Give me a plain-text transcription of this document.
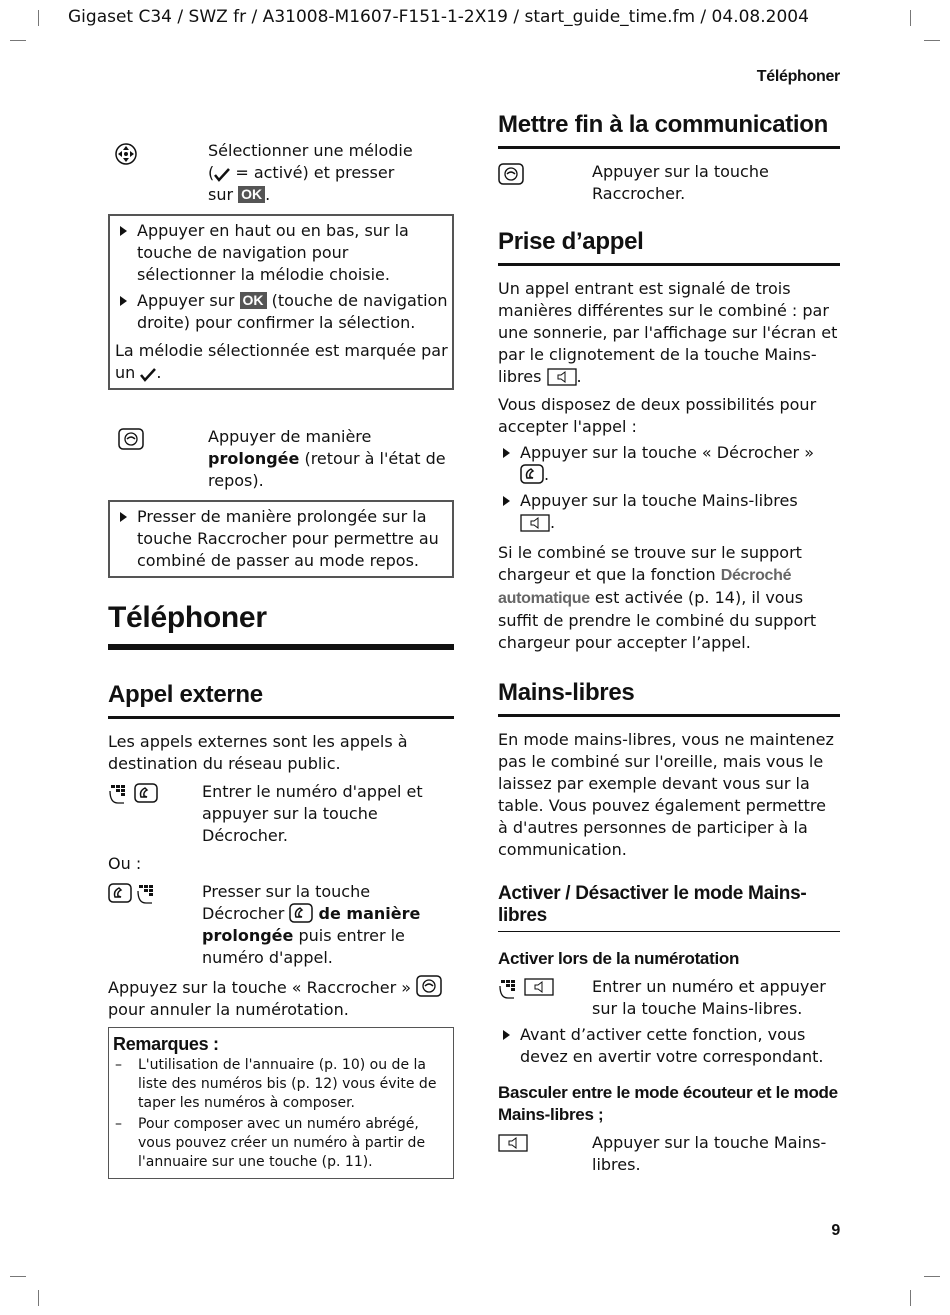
Gigaset C34 / SWZ fr / A31008-M1607-F151-1-2X19 / start_guide_time.fm / 04.08.2004
Téléphoner
9

Sélectionner une mélodie

( = activé) et presser

sur OK .

Appuyer en haut ou en bas, sur la touche de navigation pour sélectionner la mélodie choisie.
Appuyer sur OK (touche de navigation droite) pour confirmer la sélection.

La mélodie sélectionnée est marquée par un .

Appuyer de manière prolongée (retour à l'état de repos).
Presser de manière prolongée sur la touche Raccrocher pour permettre au combiné de passer au mode repos.
Téléphoner
Appel externe

Les appels externes sont les appels à destination du réseau public.

Entrer le numéro d'appel et appuyer sur la touche Décrocher.

Ou :

Presser sur la touche Décrocher  de manière prolongée puis entrer le numéro d'appel.

Appuyez sur la touche « Raccrocher »
pour annuler la numérotation.

Remarques :
–	L'utilisation de l'annuaire (p. 10) ou de la liste des numéros bis (p. 12) vous évite de taper les numéros à composer.
–	Pour composer avec un numéro abrégé, vous pouvez créer un numéro à partir de l'annuaire sur une touche (p. 11).
Mettre fin à la communication
Appuyer sur la touche Raccrocher.
Prise d’appel

Un appel entrant est signalé de trois manières différentes sur le combiné : par une sonnerie, par l'affichage sur l'écran et par le clignotement de la touche Mains-libres .

Vous disposez de deux possibilités pour accepter l'appel :

Appuyer sur la touche « Décrocher »
.
Appuyer sur la touche Mains-libres
.

Si le combiné se trouve sur le support chargeur et que la fonction Décroché automatique est activée (p. 14), il vous suffit de prendre le combiné du support chargeur pour accepter l’appel.

Mains-libres

En mode mains-libres, vous ne maintenez pas le combiné sur l'oreille, mais vous le laissez par exemple devant vous sur la table. Vous pouvez également permettre à d'autres personnes de participer à la communication.

Activer / Désactiver le mode Mains-libres
Activer lors de la numérotation
Entrer un numéro et appuyer sur la touche Mains-libres.
Avant d’activer cette fonction, vous devez en avertir votre correspondant.
Basculer entre le mode écouteur et le mode Mains-libres ;
Appuyer sur la touche Mains-libres.
